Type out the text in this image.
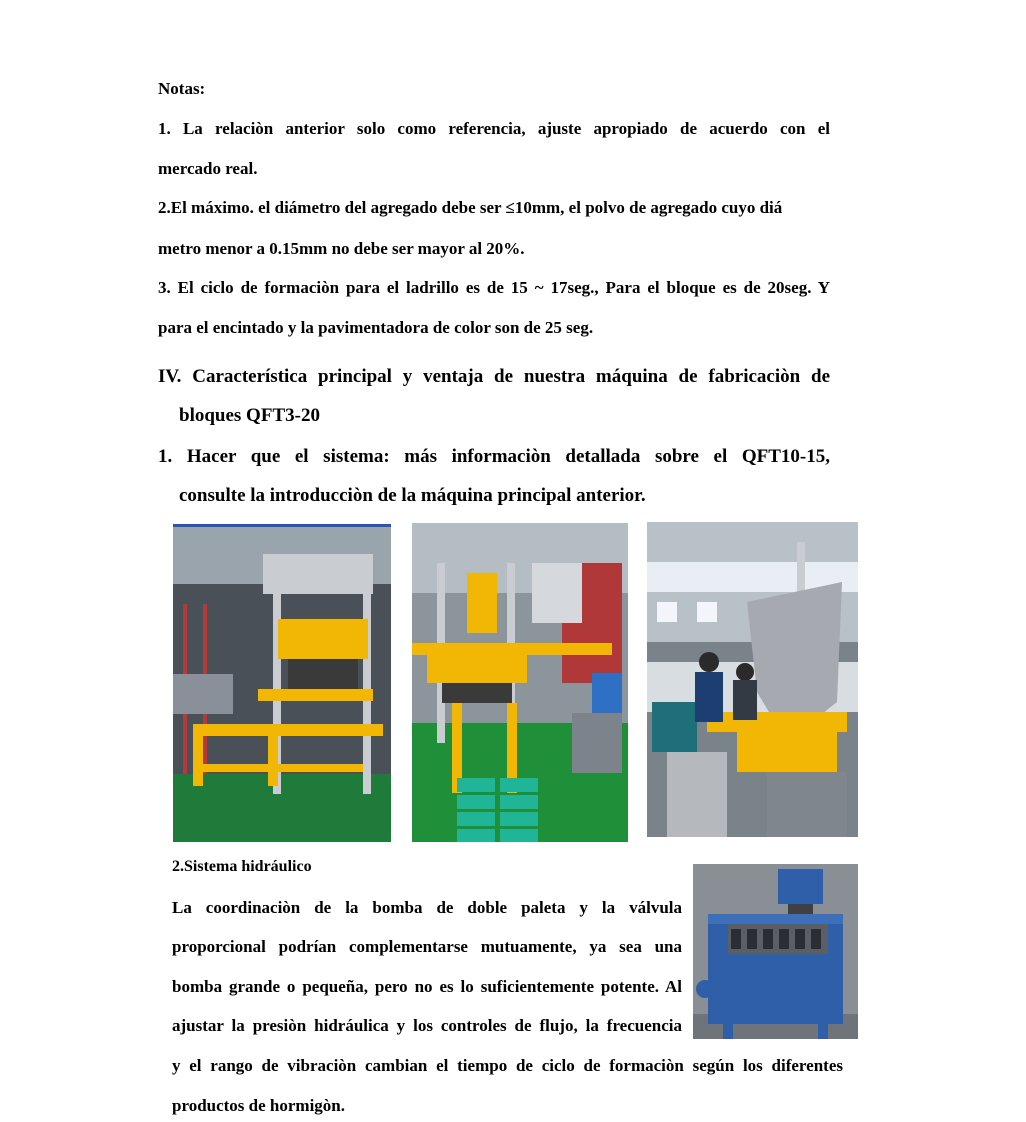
Notas:
1. La relaciòn anterior solo como referencia, ajuste apropiado de acuerdo con el
mercado real.
2.El máximo. el diámetro del agregado debe ser ≤10mm, el polvo de agregado cuyo diá
metro menor a 0.15mm no debe ser mayor al 20%.
3. El ciclo de formaciòn para el ladrillo es de 15 ~ 17seg., Para el bloque es de 20seg. Y
para el encintado y la pavimentadora de color son de 25 seg.
IV. Característica principal y ventaja de nuestra máquina de fabricaciòn de
bloques QFT3-20
1. Hacer que el sistema: más informaciòn detallada sobre el QFT10-15,
consulte la introducciòn de la máquina principal anterior.
2.Sistema hidráulico
La coordinaciòn de la bomba de doble paleta y la válvula
proporcional podrían complementarse mutuamente, ya sea una
bomba grande o pequeña, pero no es lo suficientemente potente. Al
ajustar la presiòn hidráulica y los controles de flujo, la frecuencia
y el rango de vibraciòn cambian el tiempo de ciclo de formaciòn según los diferentes
productos de hormigòn.
